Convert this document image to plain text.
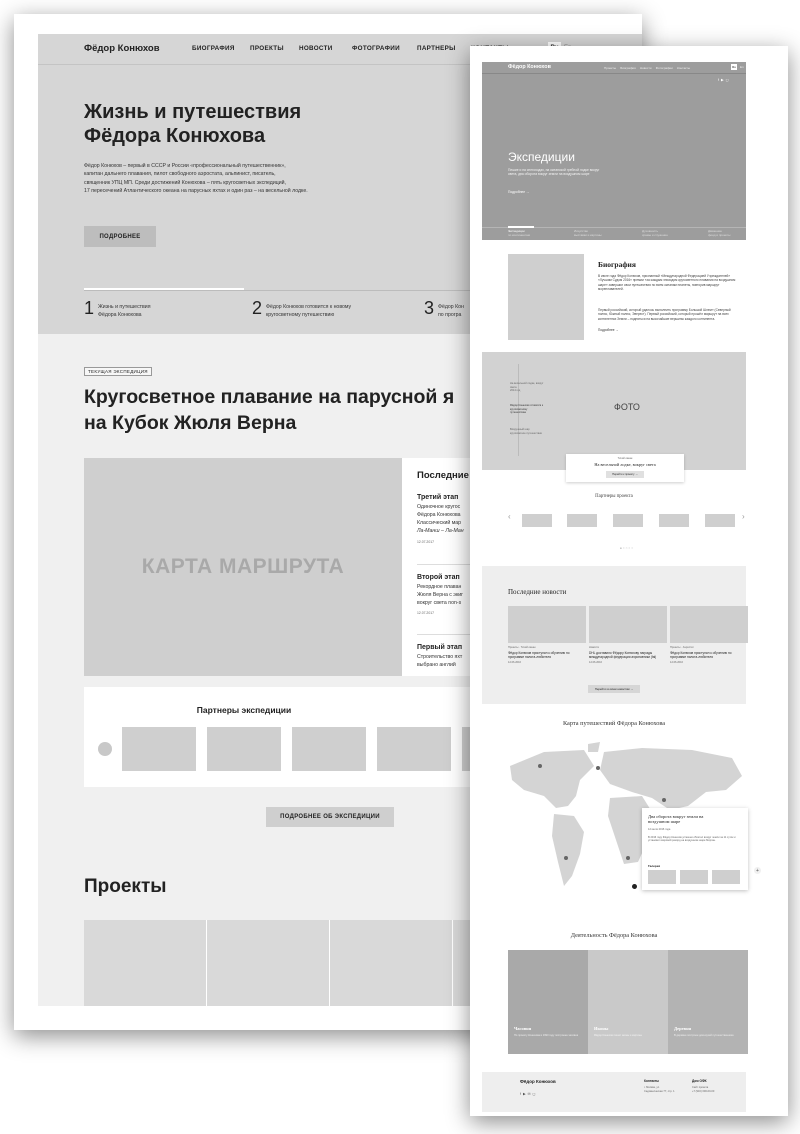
Фёдор Конюхов	БИОГРАФИЯ ПРОЕКТЫ НОВОСТИ	ФОТОГРАФИИ	ПАРТНЕРЫ
Жизнь и путешествия
Фёдора Конюхова
Фёдор Конюхов – первый в СССР и России «профессиональный путешественник»,
капитан дальнего плавания, пилот свободного аэростата, альпинист, писатель,
священник УПЦ МП. Среди достижений Конюхова – пять кругосветных экспедиций,
17 пересечений Атлантического океана на парусных яхтах и один раз – на весельной лодке.
ПОДРОБНЕЕ
1 Жизнь и путешествия
Фёдора Конюхова	2 Фёдор Конюхов готовится к новому
кругосветному путешествию	3 Фёдор Кон
по програ
ТЕКУЩАЯ ЭКСПЕДИЦИЯ
Кругосветное плавание на парусной я
на Кубок Жюля Верна
КАРТА МАРШРУТА
Последние
Третий этап
Одиночное кругос
Фёдора Конюхова
Классический мар
Ла-Манш – Ла-Ман
12.07.2017
Второй этап
Рекордное плаван
Жюля Верна с экиг
вокруг света non-s
12.07.2017
Первый этап
Строительство яхт
выбрано англий
Партнеры экспедиции
ПОДРОБНЕЕ ОБ ЭКСПЕДИЦИИ
Проекты
Фёдор Конюхов	Проекты Биография Новости Фотографии Контакты	Ru	En
f ▶ ◻
Экспедиции
Пешие и на снегоходах, на океанской гребной лодке вокруг
света, два оборота вокруг земли на воздушном шаре
Подробнее →
Экспедиции
по континентам
Искусство
выставки и картины
Духовность
храмы и служение
Движение
фонд и проекты
Биография
В июле года Фёдор Конюхов, признанный «Международной Федерацией Учреждателей» «Лучшим Судом 2016» премии «за каждым эпизодом кругосветного плавания на воздушном шаре» завершил свои путешествия по всем океанам планеты, повторив маршрут мореплавателей.
Первый российский, который удалось выполнить программу Большой Шлем» (Северный полюс, Южный полюс, Эверест). Первый российский, который прошёл маршрут на всех континентах Земли – подняться на высочайшие вершины каждого континента.
Подробнее →
На весельной лодке, вокруг света
2014 год
Фёдор Конюхов готовится к
кругосветному путешествию
Воздушный шар
кругосветное путешествие
ФОТО
Тихий океан
На весельной лодке, вокруг света
Перейти к проекту →
Партнеры проекта
‹	›
●○○○○
Последние новости
Проекты · Тихий океан
Фёдор Конюхов приступил к обучению по программе пилота-любителя
12.06.2016
Новости
DHL доставило Фёдору Конюхову награды международной федерации аэронавтики (fai)
12.06.2016
Проекты · Аэростат
Фёдор Конюхов приступил к обучению по программе пилота-любителя
12.06.2016
Перейти ко всем новостям →
Карта путешествий Фёдора Конюхова
+
Два оборота вокруг земли на
воздушном шаре
12 июля 2016 года
В 2016 году Фёдор Конюхов успешно облетел вокруг земли за 11 суток и установил мировой рекорд на воздушном шаре Морган.
Галерея
Деятельность Фёдора Конюхова
Часовня
По проекту Конюхова в 1990 году построена часовня
Иконы
Фёдор Конюхов пишет иконы и картины
Деревня
В деревне построен дом-музей путешественника
Фёдор Конюхов
f ▶ ✉ ◻
Контакты
г. Москва, ул.
Садовническая 77, стр. 1
Дом ОФК
Сайт проекта
+7 (916) 000-00-00
